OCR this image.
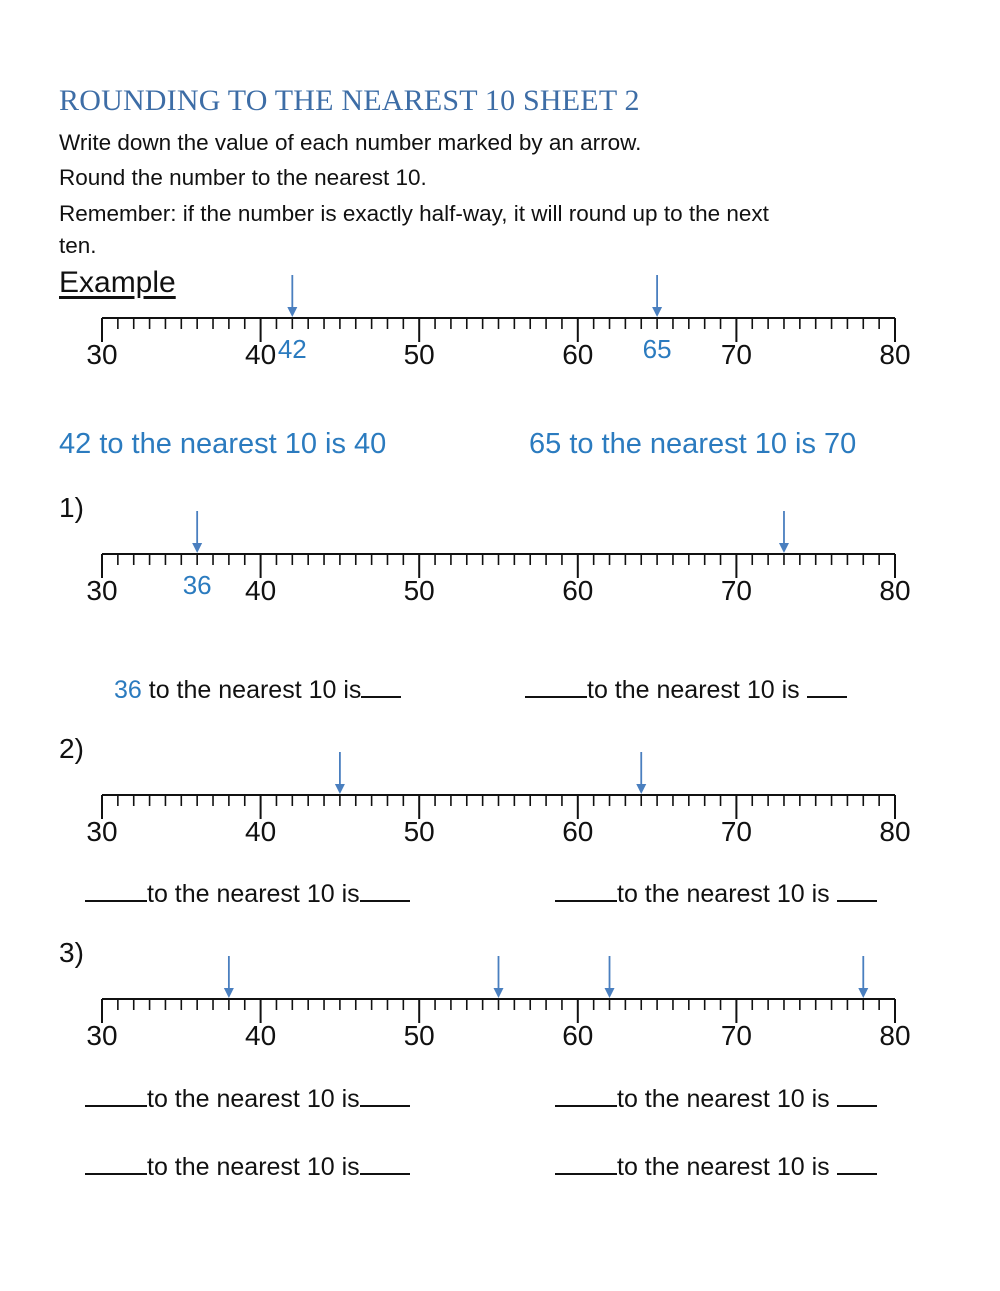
ROUNDING TO THE NEAREST 10 SHEET 2
Write down the value of each number marked by an arrow.
Round the number to the nearest 10.
Remember: if the number is exactly half-way, it will round up to the next
ten.
Example
30	40	50	60	70	80
42	65
42 to the nearest 10 is 40	65 to the nearest 10 is 70
1)
30	40	50	60	70	80
36
36 to the nearest 10 is	to the nearest 10 is
2)
30	40	50	60	70	80
to the nearest 10 is	to the nearest 10 is
3)
30	40	50	60	70	80
to the nearest 10 is	to the nearest 10 is
to the nearest 10 is	to the nearest 10 is
